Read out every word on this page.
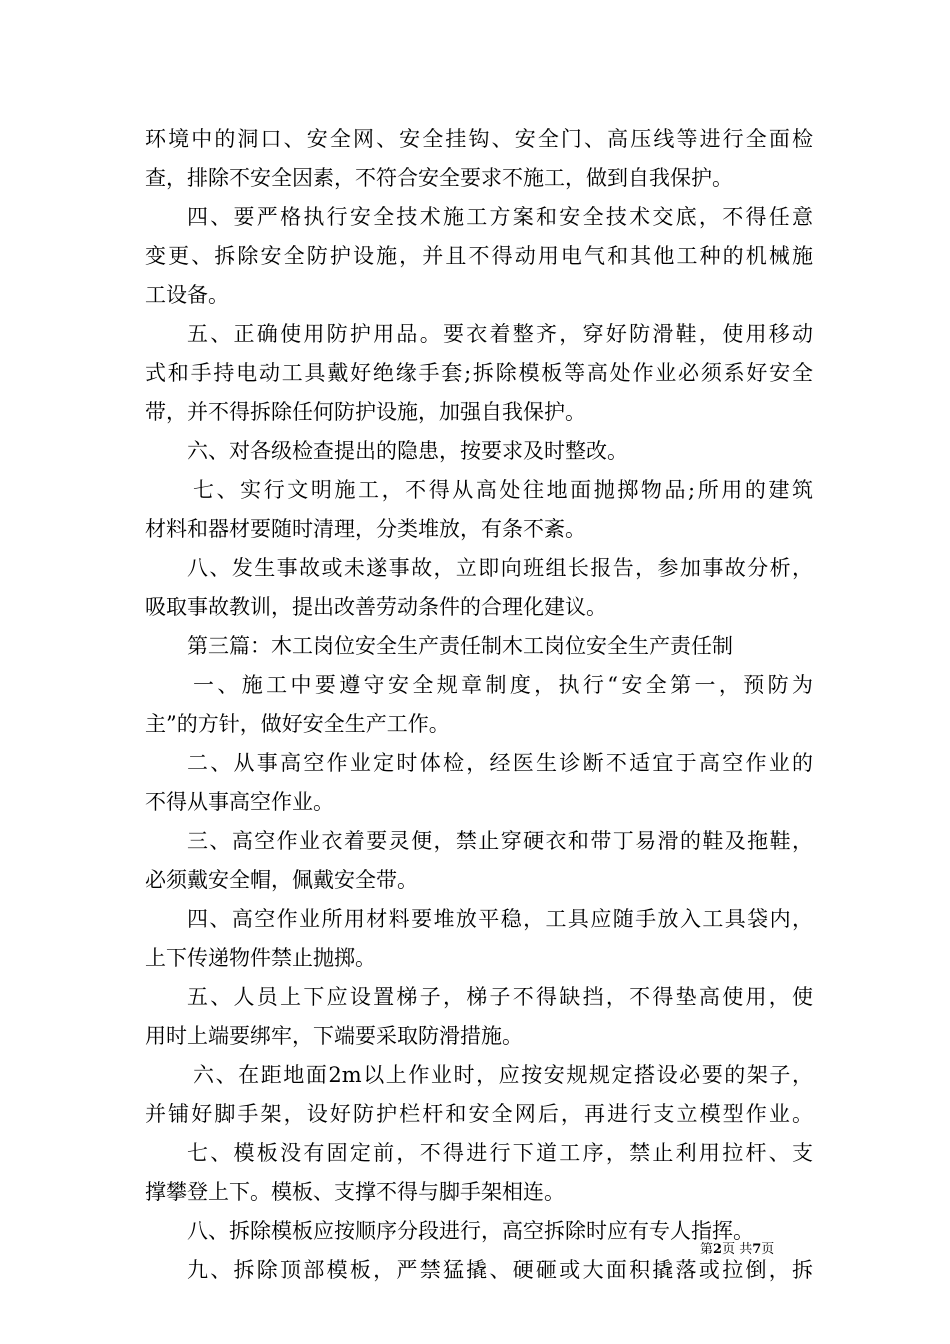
环境中的洞口、安全网、安全挂钩、安全门、高压线等进行全面检
查，排除不安全因素，不符合安全要求不施工，做到自我保护。
四、要严格执行安全技术施工方案和安全技术交底，不得任意
变更、拆除安全防护设施，并且不得动用电气和其他工种的机械施
工设备。
五、正确使用防护用品。要衣着整齐，穿好防滑鞋，使用移动
式和手持电动工具戴好绝缘手套;拆除模板等高处作业必须系好安全
带，并不得拆除任何防护设施，加强自我保护。
六、对各级检查提出的隐患，按要求及时整改。
七、实行文明施工，不得从高处往地面抛掷物品;所用的建筑
材料和器材要随时清理，分类堆放，有条不紊。
八、发生事故或未遂事故，立即向班组长报告，参加事故分析，
吸取事故教训，提出改善劳动条件的合理化建议。
第三篇：木工岗位安全生产责任制木工岗位安全生产责任制
一、施工中要遵守安全规章制度，执行“安全第一，预防为
主”的方针，做好安全生产工作。
二、从事高空作业定时体检，经医生诊断不适宜于高空作业的
不得从事高空作业。
三、高空作业衣着要灵便，禁止穿硬衣和带丁易滑的鞋及拖鞋，
必须戴安全帽，佩戴安全带。
四、高空作业所用材料要堆放平稳，工具应随手放入工具袋内，
上下传递物件禁止抛掷。
五、人员上下应设置梯子，梯子不得缺挡，不得垫高使用，使
用时上端要绑牢，下端要采取防滑措施。
六、在距地面2m以上作业时，应按安规规定搭设必要的架子，
并铺好脚手架，设好防护栏杆和安全网后，再进行支立模型作业。
七、模板没有固定前，不得进行下道工序，禁止利用拉杆、支
撑攀登上下。模板、支撑不得与脚手架相连。
八、拆除模板应按顺序分段进行，高空拆除时应有专人指挥。
九、拆除顶部模板，严禁猛撬、硬砸或大面积撬落或拉倒，拆
第2页 共7页
